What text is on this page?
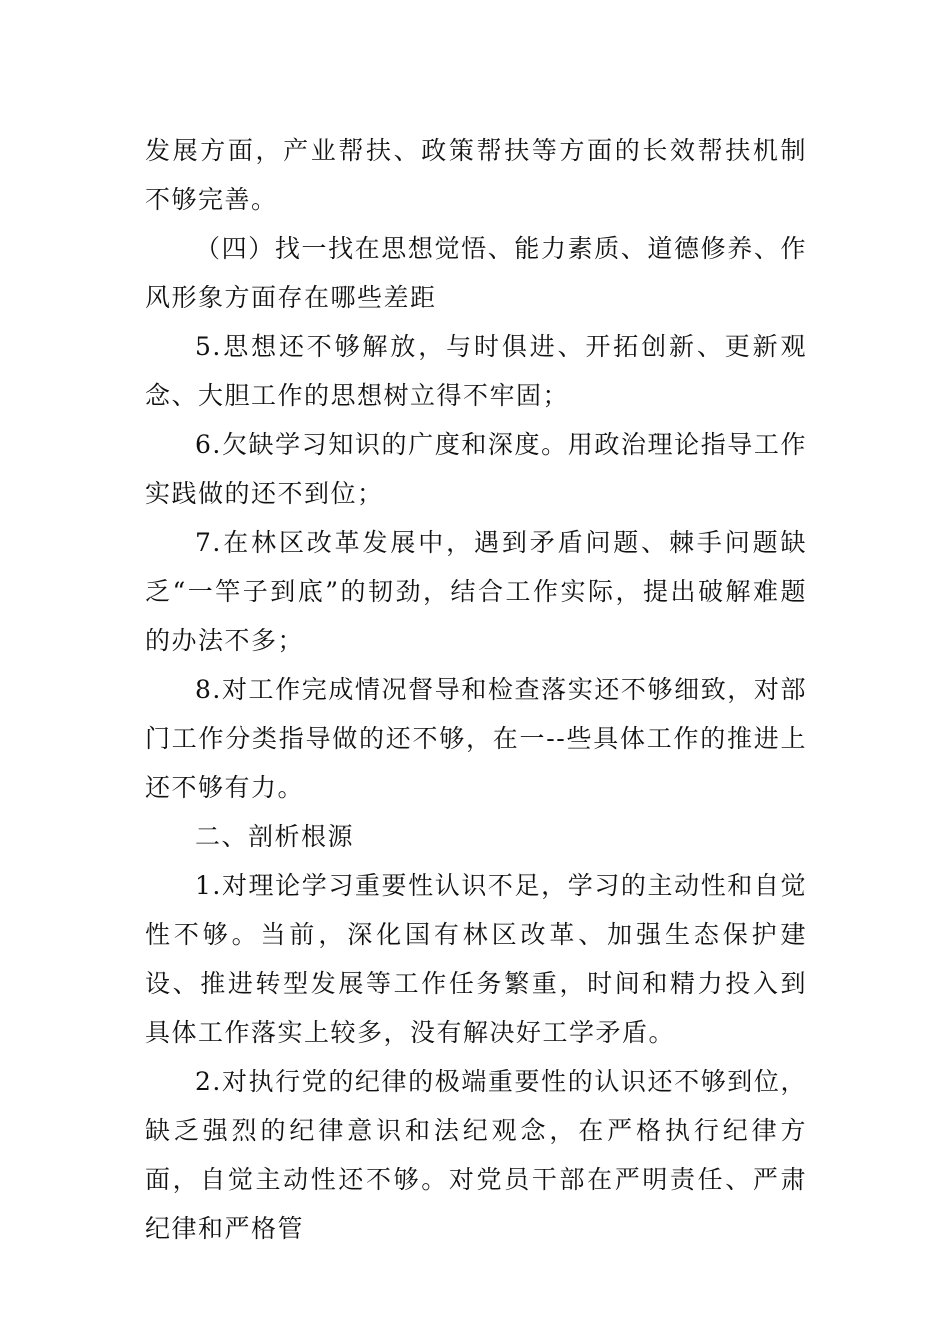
发展方面，产业帮扶、政策帮扶等方面的长效帮扶机制不够完善。

（四）找一找在思想觉悟、能力素质、道德修养、作风形象方面存在哪些差距

5.思想还不够解放，与时俱进、开拓创新、更新观念、大胆工作的思想树立得不牢固；

6.欠缺学习知识的广度和深度。用政治理论指导工作实践做的还不到位；

7.在林区改革发展中，遇到矛盾问题、棘手问题缺乏“一竿子到底”的韧劲，结合工作实际，提出破解难题的办法不多；

8.对工作完成情况督导和检查落实还不够细致，对部门工作分类指导做的还不够，在一--些具体工作的推进上还不够有力。

二、剖析根源

1.对理论学习重要性认识不足，学习的主动性和自觉性不够。当前，深化国有林区改革、加强生态保护建设、推进转型发展等工作任务繁重，时间和精力投入到具体工作落实上较多，没有解决好工学矛盾。

2.对执行党的纪律的极端重要性的认识还不够到位，缺乏强烈的纪律意识和法纪观念，在严格执行纪律方面，自觉主动性还不够。对党员干部在严明责任、严肃纪律和严格管
